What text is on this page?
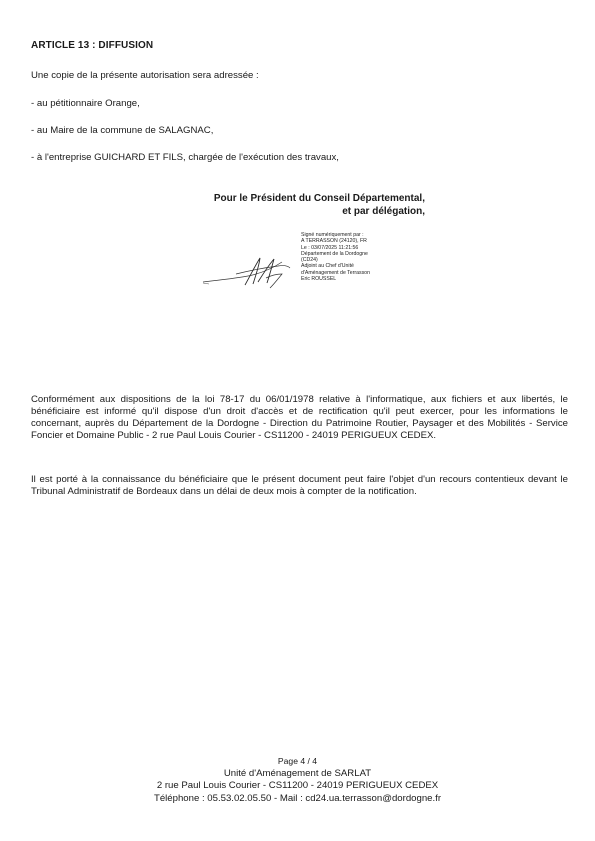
ARTICLE 13 : DIFFUSION

Une copie de la présente autorisation sera adressée :

- au pétitionnaire Orange,

- au Maire de la commune de SALAGNAC,

- à l'entreprise GUICHARD ET FILS, chargée de l'exécution des travaux,

Pour le Président du Conseil Départemental,
et par délégation,
Signé numériquement par :
A TERRASSON (24120), FR
Le : 03/07/2025 11:21:56
Département de la Dordogne
(CD24)
Adjoint au Chef d'Unité
d'Aménagement de Terrasson
Eric ROUSSEL

Conformément aux dispositions de la loi 78-17 du 06/01/1978 relative à l'informatique, aux fichiers et aux libertés, le bénéficiaire est informé qu'il dispose d'un droit d'accès et de rectification qu'il peut exercer, pour les informations le concernant, auprès du Département de la Dordogne - Direction du Patrimoine Routier, Paysager et des Mobilités - Service Foncier et Domaine Public - 2 rue Paul Louis Courier - CS11200 - 24019 PERIGUEUX CEDEX.

Il est porté à la connaissance du bénéficiaire que le présent document peut faire l'objet d'un recours contentieux devant le Tribunal Administratif de Bordeaux dans un délai de deux mois à compter de la notification.

Page 4 / 4
Unité d'Aménagement de SARLAT
2 rue Paul Louis Courier - CS11200 - 24019 PERIGUEUX CEDEX
Téléphone : 05.53.02.05.50 - Mail : cd24.ua.terrasson@dordogne.fr
